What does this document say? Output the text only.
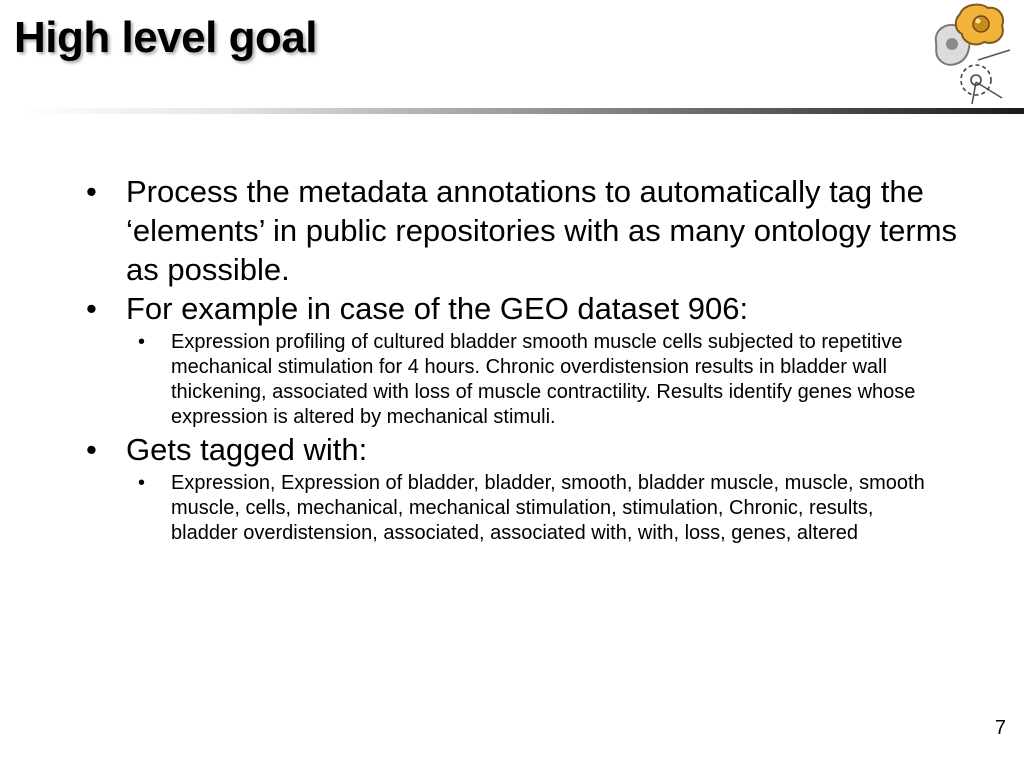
High level goal
• Process the metadata annotations to automatically tag the ‘elements’ in public repositories with as many ontology terms as possible.
• For example in case of the GEO dataset 906:
•	Expression profiling of cultured bladder smooth muscle cells subjected to repetitive mechanical stimulation for 4 hours. Chronic overdistension results in bladder wall thickening, associated with loss of muscle contractility. Results identify genes whose expression is altered by mechanical stimuli.
• Gets tagged with:
•	Expression, Expression of bladder, bladder, smooth, bladder muscle, muscle, smooth muscle, cells, mechanical, mechanical stimulation, stimulation, Chronic, results, bladder overdistension, associated, associated with, with, loss, genes, altered
7
